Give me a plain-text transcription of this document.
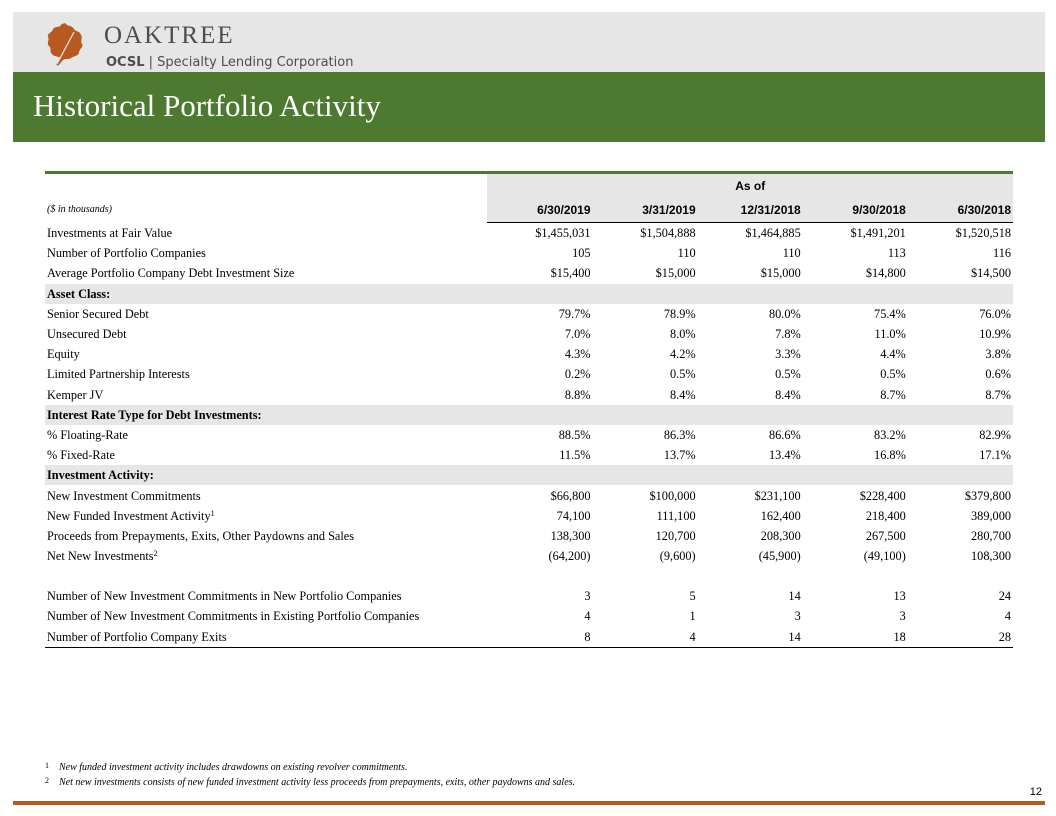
OAKTREE
OCSL | Specialty Lending Corporation
Historical Portfolio Activity
	As of				
($ in thousands)	6/30/2019	3/31/2019	12/31/2018	9/30/2018	6/30/2018
Investments at Fair Value	$1,455,031	$1,504,888	$1,464,885	$1,491,201	$1,520,518
Number of Portfolio Companies	105	110	110	113	116
Average Portfolio Company Debt Investment Size	$15,400	$15,000	$15,000	$14,800	$14,500
Asset Class:					
Senior Secured Debt	79.7%	78.9%	80.0%	75.4%	76.0%
Unsecured Debt	7.0%	8.0%	7.8%	11.0%	10.9%
Equity	4.3%	4.2%	3.3%	4.4%	3.8%
Limited Partnership Interests	0.2%	0.5%	0.5%	0.5%	0.6%
Kemper JV	8.8%	8.4%	8.4%	8.7%	8.7%
Interest Rate Type for Debt Investments:					
% Floating-Rate	88.5%	86.3%	86.6%	83.2%	82.9%
% Fixed-Rate	11.5%	13.7%	13.4%	16.8%	17.1%
Investment Activity:					
New Investment Commitments	$66,800	$100,000	$231,100	$228,400	$379,800
New Funded Investment Activity$^1$	74,100	111,100	162,400	218,400	389,000
Proceeds from Prepayments, Exits, Other Paydowns and Sales	138,300	120,700	208,300	267,500	280,700
Net New Investments$^2$	(64,200)	(9,600)	(45,900)	(49,100)	108,300

Number of New Investment Commitments in New Portfolio Companies	3	5	14	13	24
Number of New Investment Commitments in Existing Portfolio Companies	4	1	3	3	4
Number of Portfolio Company Exits	8	4	14	18	28
1 New funded investment activity includes drawdowns on existing revolver commitments.
2 Net new investments consists of new funded investment activity less proceeds from prepayments, exits, other paydowns and sales.
12
